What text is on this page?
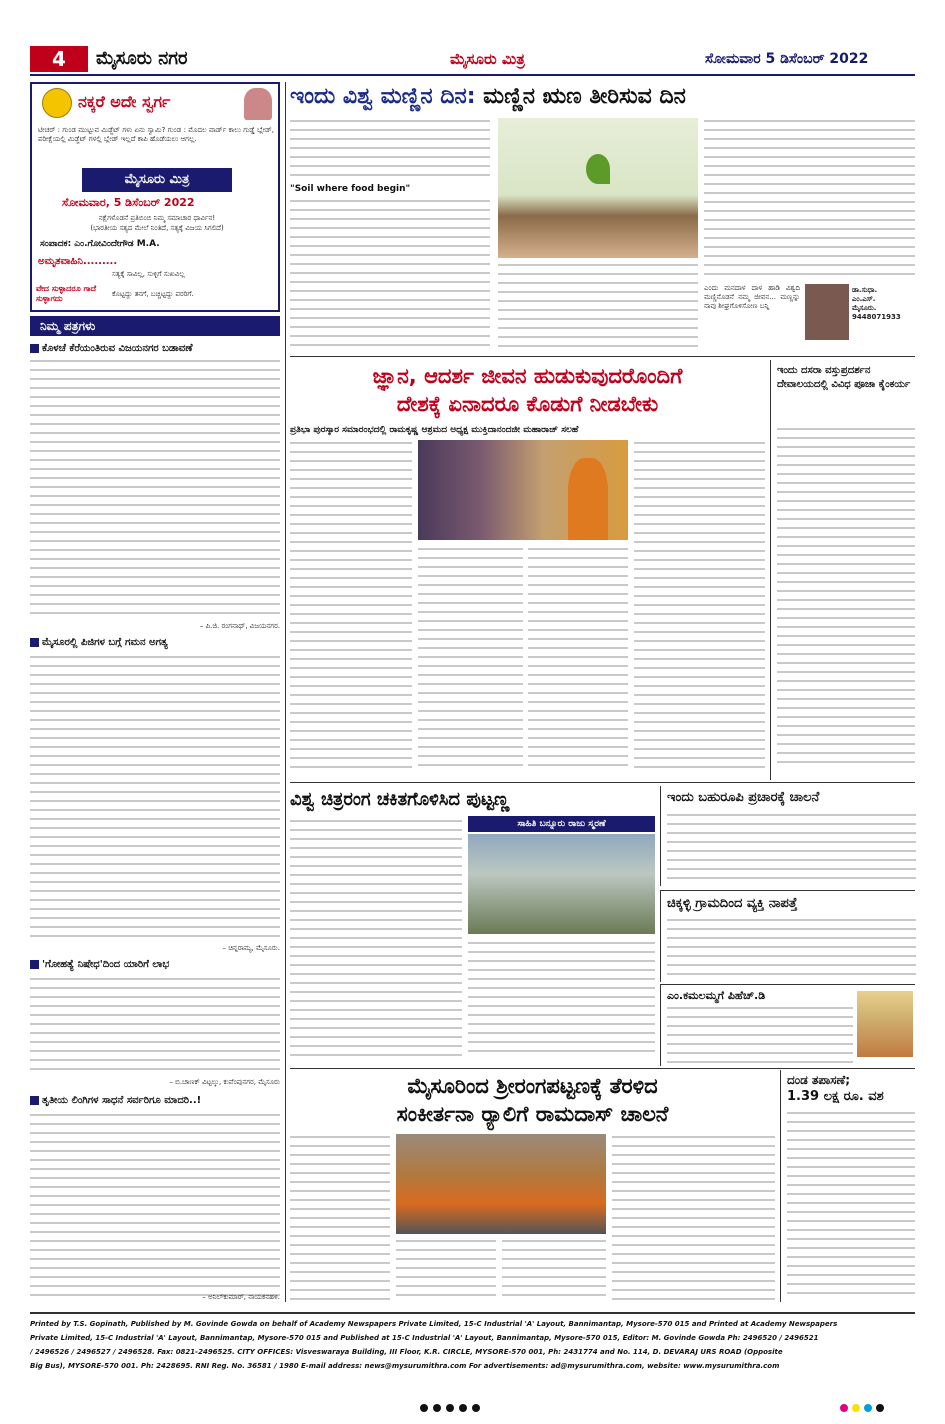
4	ಮೈಸೂರು ನಗರ	ಮೈಸೂರು ಮಿತ್ರ	ಸೋಮವಾರ 5 ಡಿಸೆಂಬರ್ 2022
ನಕ್ಕರೆ ಅದೇ ಸ್ವರ್ಗ
ಟೀಚರ್ : ಗುಂಡ ಮುಟ್ಟುವ ಮಿಡ್ಜೆಟ್ ಗಳು ಏನು ಸ್ವಾಮಿ? ಗುಂಡ : ಮೊದಲ ವಾರ್ಡ್ ಕಾಲು ಗುಡ್ಡೆ ಬ್ಲೇಡ್, ಪರೀಕ್ಷೆಯಲ್ಲಿ ಮಿಡ್ಜೆಟ್ ಗಳಲ್ಲಿ ಬ್ಲೇಡ್ ಇಲ್ಲದೆ ಕಾಪಿ ಹೊಡೆಯಲು ಆಗಲ್ಲ.
ಮೈಸೂರು ಮಿತ್ರ
ಸೋಮವಾರ, 5 ಡಿಸೆಂಬರ್ 2022
ನಕ್ಷೆಗಳೊಡನೆ ಪ್ರತಿಬಿಂಬಿ ನಿಮ್ಮ ಸಮಾಚಾರ ಧಾರ್ವಿನ!
(ಭಾರತೀಯ ಸತ್ಯದ ಮೇಲೆ ನಿಂತಿದೆ, ಸತ್ಯಕ್ಕೆ ವಿಜಯ ಸಿಗಲಿದೆ)
ಸಂಪಾದಕ: ಎಂ.ಗೋವಿಂದೇಗೌಡ M.A.
ಅಮೃತವಾಹಿನಿ.........
ಸತ್ಯಕ್ಕೆ ಸಾವಿಲ್ಲ, ಸುಳ್ಳಿಗೆ ಸುಖವಿಲ್ಲ
ವೇದ ಸುಳ್ಳಾದರೂ ಗಾದೆ ಸುಳ್ಳಾಗದು	ಕೊಟ್ಟದ್ದು ತನಗೆ, ಬಚ್ಚಿಟ್ಟದ್ದು ಪರರಿಗೆ.
ನಿಮ್ಮ ಪತ್ರಗಳು
ಕೊಳಚೆ ಕೆರೆಯಂತಿರುವ ವಿಜಯನಗರ ಬಡಾವಣೆ
– ಪಿ.ಜಿ. ರಂಗನಾಥ್, ವಿಜಯನಗರ.
ಮೈಸೂರಲ್ಲಿ ಪಿಜಿಗಳ ಬಗ್ಗೆ ಗಮನ ಅಗತ್ಯ
– ಚಿನ್ನರಾಮ್ಯ, ಮೈಸೂರು.
'ಗೋಹತ್ಯೆ ನಿಷೇಧ'ದಿಂದ ಯಾರಿಗೆ ಲಾಭ
– ಬಿ.ಚಾಣಕ್ ವಿಟ್ಟಲ್ಕು, ಕುವೆಂಪುನಗರ, ಮೈಸೂರು
ತೃತೀಯ ಲಿಂಗಿಗಳ ಸಾಧನೆ ಸರ್ವರಿಗೂ ಮಾದರಿ..!
– ಅನಿಲ್‌ಕುಮಾರ್, ನಾಯಕನಹಳಿ.
ಇಂದು ವಿಶ್ವ ಮಣ್ಣಿನ ದಿನ: ಮಣ್ಣಿನ ಋಣ ತೀರಿಸುವ ದಿನ
"Soil where food begin"
ಎಂದು ಮನದಾಳ ದಾಳ ಹಾಡಿ ವಿಶ್ವದಿ ಮಣ್ಣಿನೊಡನೆ ನಮ್ಮ ಜೀವನ... ಮಣ್ಣನ್ನು ನಾವು ಶೀಘ್ರಗೊಳಿಸೋಣ ಬನ್ನಿ
ಡಾ.ಸುಧಾ.
ಎಂ.ಎಸ್.
ಮೈಸೂರು.
9448071933
ಜ್ಞಾನ, ಆದರ್ಶ ಜೀವನ ಹುಡುಕುವುದರೊಂದಿಗೆ
ದೇಶಕ್ಕೆ ಏನಾದರೂ ಕೊಡುಗೆ ನೀಡಬೇಕು
ಪ್ರತಿಭಾ ಪುರಸ್ಕಾರ ಸಮಾರಂಭದಲ್ಲಿ ರಾಮಕೃಷ್ಣ ಆಶ್ರಮದ ಅಧ್ಯಕ್ಷ ಮುಕ್ತಿದಾನಂದಜೀ ಮಹಾರಾಜ್ ಸಲಹೆ
ಇಂದು ದಸರಾ ವಸ್ತುಪ್ರದರ್ಶನ ದೇವಾಲಯದಲ್ಲಿ ವಿವಿಧ ಪೂಜಾ ಕೈಂಕರ್ಯ
ವಿಶ್ವ ಚಿತ್ರರಂಗ ಚಕಿತಗೊಳಿಸಿದ ಪುಟ್ಟಣ್ಣ
ಸಾಹಿತಿ ಬನ್ನೂರು ರಾಜು ಸ್ಮರಣೆ
ಇಂದು ಬಹುರೂಪಿ ಪ್ರಚಾರಕ್ಕೆ ಚಾಲನೆ
ಚಿಕ್ಕಳ್ಳಿ ಗ್ರಾಮದಿಂದ ವ್ಯಕ್ತಿ ನಾಪತ್ತೆ
ಎಂ.ಕಮಲಮ್ಮಗೆ ಪಿಹೆಚ್.ಡಿ
ಮೈಸೂರಿಂದ ಶ್ರೀರಂಗಪಟ್ಟಣಕ್ಕೆ ತೆರಳಿದ
ಸಂಕೀರ್ತನಾ ರ್‍ಯಾಲಿಗೆ ರಾಮದಾಸ್ ಚಾಲನೆ
ದಂಡ ತಪಾಸಣೆ;
1.39 ಲಕ್ಷ ರೂ. ವಶ
Printed by T.S. Gopinath, Published by M. Govinde Gowda on behalf of Academy Newspapers Private Limited, 15-C Industrial 'A' Layout, Bannimantap, Mysore-570 015 and Printed at Academy Newspapers
Private Limited, 15-C Industrial 'A' Layout, Bannimantap, Mysore-570 015 and Published at 15-C Industrial 'A' Layout, Bannimantap, Mysore-570 015, Editor: M. Govinde Gowda Ph: 2496520 / 2496521
/ 2496526 / 2496527 / 2496528. Fax: 0821-2496525. CITY OFFICES: Visveswaraya Building, III Floor, K.R. CIRCLE, MYSORE-570 001, Ph: 2431774 and No. 114, D. DEVARAJ URS ROAD (Opposite
Big Bus), MYSORE-570 001. Ph: 2428695. RNI Reg. No. 36581 / 1980 E-mail address: news@mysurumithra.com For advertisements: ad@mysurumithra.com, website: www.mysurumithra.com
